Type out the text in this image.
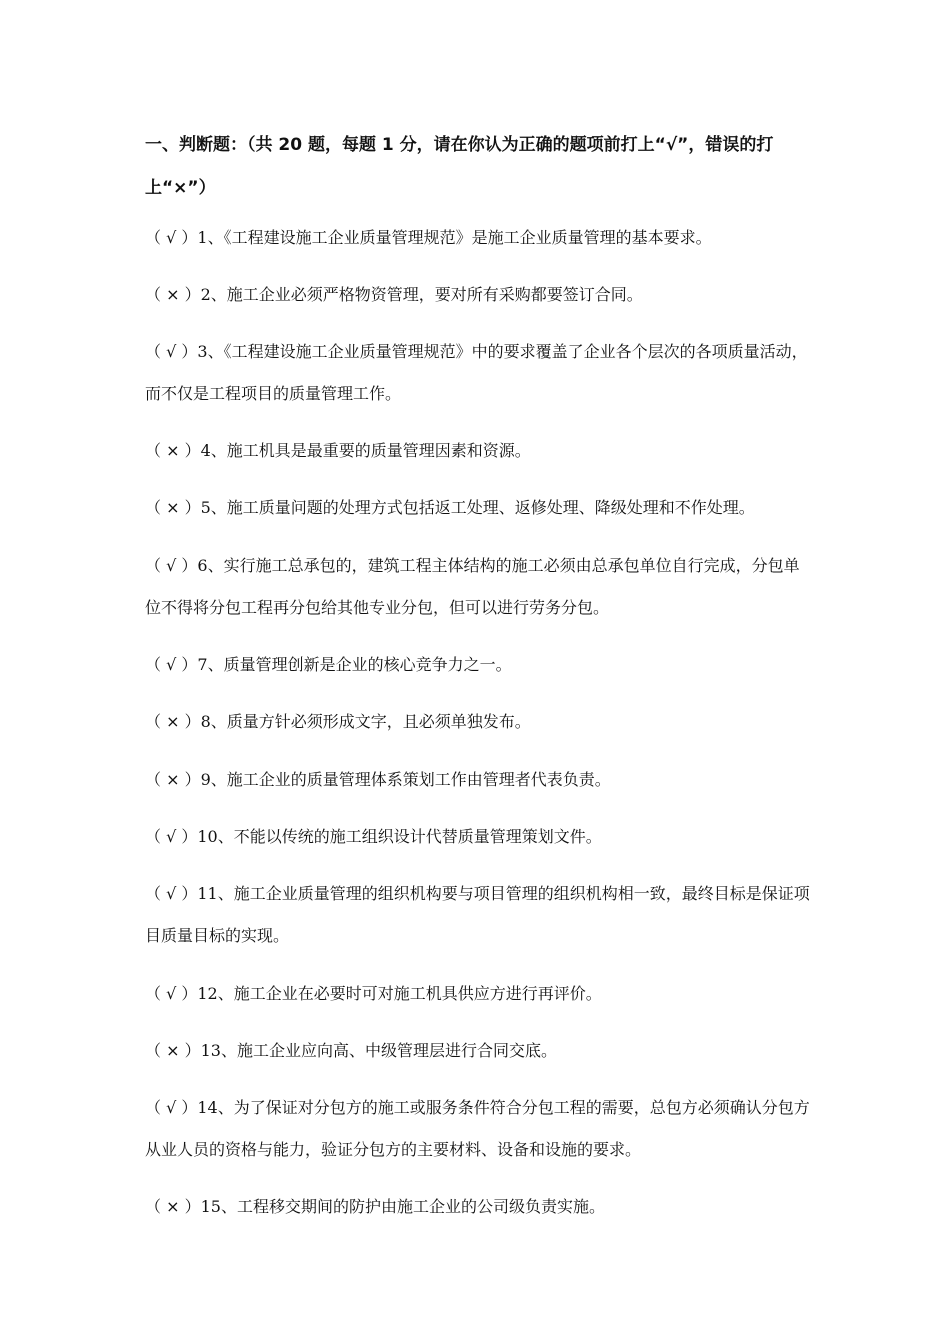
一、判断题：（共 20 题，每题 1 分，请在你认为正确的题项前打上“√”，错误的打上“×”）

（ √ ）1、《工程建设施工企业质量管理规范》是施工企业质量管理的基本要求。

（ × ）2、施工企业必须严格物资管理，要对所有采购都要签订合同。

（ √ ）3、《工程建设施工企业质量管理规范》中的要求覆盖了企业各个层次的各项质量活动，而不仅是工程项目的质量管理工作。

（ × ）4、施工机具是最重要的质量管理因素和资源。

（ × ）5、施工质量问题的处理方式包括返工处理、返修处理、降级处理和不作处理。

（ √ ）6、实行施工总承包的，建筑工程主体结构的施工必须由总承包单位自行完成，分包单位不得将分包工程再分包给其他专业分包，但可以进行劳务分包。

（ √ ）7、质量管理创新是企业的核心竞争力之一。

（ × ）8、质量方针必须形成文字，且必须单独发布。

（ × ）9、施工企业的质量管理体系策划工作由管理者代表负责。

（ √ ）10、不能以传统的施工组织设计代替质量管理策划文件。

（ √ ）11、施工企业质量管理的组织机构要与项目管理的组织机构相一致，最终目标是保证项目质量目标的实现。

（ √ ）12、施工企业在必要时可对施工机具供应方进行再评价。

（ × ）13、施工企业应向高、中级管理层进行合同交底。

（ √ ）14、为了保证对分包方的施工或服务条件符合分包工程的需要，总包方必须确认分包方从业人员的资格与能力，验证分包方的主要材料、设备和设施的要求。

（ × ）15、工程移交期间的防护由施工企业的公司级负责实施。
